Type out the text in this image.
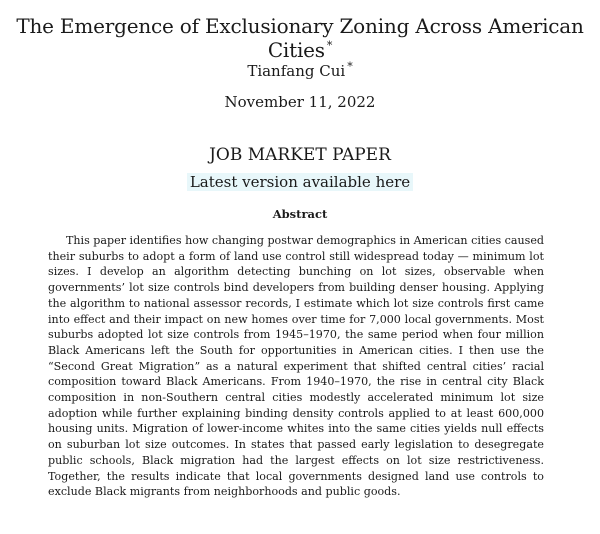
The Emergence of Exclusionary Zoning Across American Cities *
Tianfang Cui *
November 11, 2022
JOB MARKET PAPER
Latest version available here
Abstract

This paper identifies how changing postwar demographics in American cities caused their suburbs to adopt a form of land use control still widespread today — minimum lot sizes. I develop an algorithm detecting bunching on lot sizes, observable when governments’ lot size controls bind developers from building denser housing. Applying the algorithm to national assessor records, I estimate which lot size controls first came into effect and their impact on new homes over time for 7,000 local governments. Most suburbs adopted lot size controls from 1945–1970, the same period when four million Black Americans left the South for opportunities in American cities. I then use the “Second Great Migration” as a natural experiment that shifted central cities’ racial composition toward Black Americans. From 1940–1970, the rise in central city Black composition in non-Southern central cities modestly accelerated minimum lot size adoption while further explaining binding density controls applied to at least 600,000 housing units. Migration of lower-income whites into the same cities yields null effects on suburban lot size outcomes. In states that passed early legislation to desegregate public schools, Black migration had the largest effects on lot size restrictiveness. Together, the results indicate that local governments designed land use controls to exclude Black migrants from neighborhoods and public goods.
